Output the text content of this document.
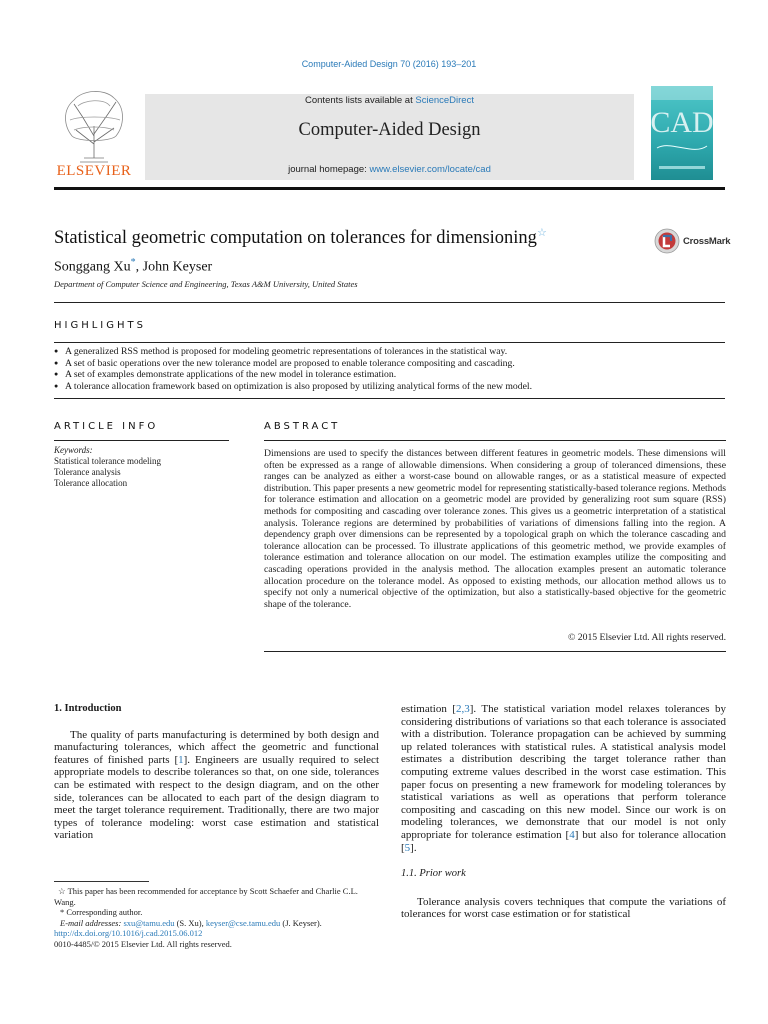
Computer-Aided Design 70 (2016) 193–201
ELSEVIER
Contents lists available at ScienceDirect
Computer-Aided Design
journal homepage: www.elsevier.com/locate/cad
CAD
Statistical geometric computation on tolerances for dimensioning☆
CrossMark
Songgang Xu*, John Keyser
Department of Computer Science and Engineering, Texas A&M University, United States
HIGHLIGHTS
● A generalized RSS method is proposed for modeling geometric representations of tolerances in the statistical way.
● A set of basic operations over the new tolerance model are proposed to enable tolerance compositing and cascading.
● A set of examples demonstrate applications of the new model in tolerance estimation.
● A tolerance allocation framework based on optimization is also proposed by utilizing analytical forms of the new model.
ARTICLE INFO
Keywords:
Statistical tolerance modeling
Tolerance analysis
Tolerance allocation
ABSTRACT
Dimensions are used to specify the distances between different features in geometric models. These dimensions will often be expressed as a range of allowable dimensions. When considering a group of toleranced dimensions, these ranges can be analyzed as either a worst-case bound on allowable ranges, or as a statistical measure of expected distribution. This paper presents a new geometric model for representing statistically-based tolerance regions. Methods for tolerance estimation and allocation on a geometric model are provided by generalizing root sum square (RSS) methods for compositing and cascading over tolerance zones. This gives us a geometric interpretation of a statistical analysis. Tolerance regions are determined by probabilities of variations of dimensions falling into the region. A dependency graph over dimensions can be represented by a topological graph on which the tolerance cascading and tolerance allocation can be processed. To illustrate applications of this geometric method, we provide examples of tolerance estimation and tolerance allocation on our model. The estimation examples utilize the compositing and cascading operations provided in the analysis method. The allocation examples present an automatic tolerance allocation procedure on the tolerance model. As opposed to existing methods, our allocation method allows us to specify not only a numerical objective of the optimization, but also a statistically-based objective for the geometric shape of the tolerance.
© 2015 Elsevier Ltd. All rights reserved.
1. Introduction

The quality of parts manufacturing is determined by both design and manufacturing tolerances, which affect the geometric and functional features of finished parts [1]. Engineers are usually required to select appropriate models to describe tolerances so that, on one side, tolerances can be estimated with respect to the design diagram, and on the other side, tolerances can be allocated to each part of the design diagram to meet the target tolerance requirement. Traditionally, there are two major types of tolerance modeling: worst case estimation and statistical variation

estimation [2,3]. The statistical variation model relaxes tolerances by considering distributions of variations so that each tolerance is associated with a distribution. Tolerance propagation can be achieved by summing up related tolerances with statistical rules. A statistical analysis model estimates a distribution describing the target tolerance rather than computing extreme values described in the worst case estimation. This paper focus on presenting a new framework for modeling tolerances by statistical variations as well as operations that perform tolerance compositing and cascading on this new model. Since our work is on modeling tolerances, we demonstrate that our model is not only appropriate for tolerance estimation [4] but also for tolerance allocation [5].

1.1. Prior work

Tolerance analysis covers techniques that compute the variations of tolerances for worst case estimation or for statistical

☆ This paper has been recommended for acceptance by Scott Schaefer and Charlie C.L. Wang.

* Corresponding author.

E-mail addresses: sxu@tamu.edu (S. Xu), keyser@cse.tamu.edu (J. Keyser).

http://dx.doi.org/10.1016/j.cad.2015.06.012

0010-4485/© 2015 Elsevier Ltd. All rights reserved.
